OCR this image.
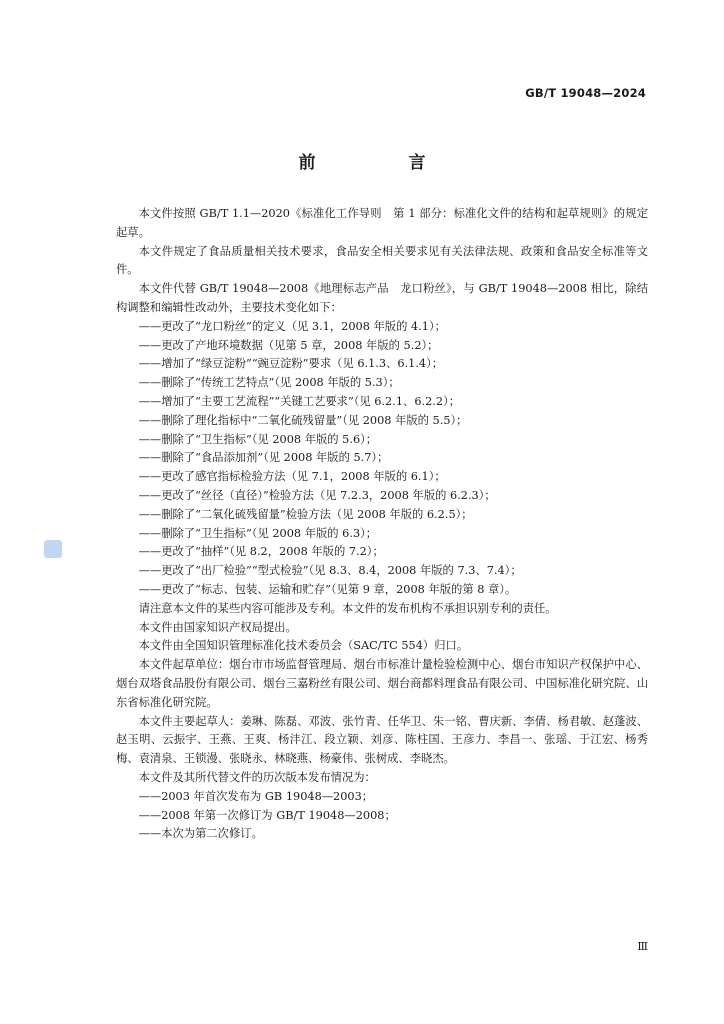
GB/T 19048—2024
前　言

本文件按照 GB/T 1.1—2020《标准化工作导则　第 1 部分：标准化文件的结构和起草规则》的规定起草。

本文件规定了食品质量相关技术要求，食品安全相关要求见有关法律法规、政策和食品安全标准等文件。

本文件代替 GB/T 19048—2008《地理标志产品　龙口粉丝》，与 GB/T 19048—2008 相比，除结构调整和编辑性改动外，主要技术变化如下：

——更改了“龙口粉丝”的定义（见 3.1，2008 年版的 4.1）；

——更改了产地环境数据（见第 5 章，2008 年版的 5.2）；

——增加了“绿豆淀粉”“豌豆淀粉”要求（见 6.1.3、6.1.4）；

——删除了“传统工艺特点”（见 2008 年版的 5.3）；

——增加了“主要工艺流程”“关键工艺要求”（见 6.2.1、6.2.2）；

——删除了理化指标中“二氧化硫残留量”（见 2008 年版的 5.5）；

——删除了“卫生指标”（见 2008 年版的 5.6）；

——删除了“食品添加剂”（见 2008 年版的 5.7）；

——更改了感官指标检验方法（见 7.1，2008 年版的 6.1）；

——更改了“丝径（直径）”检验方法（见 7.2.3，2008 年版的 6.2.3）；

——删除了“二氧化硫残留量”检验方法（见 2008 年版的 6.2.5）；

——删除了“卫生指标”（见 2008 年版的 6.3）；

——更改了“抽样”（见 8.2，2008 年版的 7.2）；

——更改了“出厂检验”“型式检验”（见 8.3、8.4，2008 年版的 7.3、7.4）；

——更改了“标志、包装、运输和贮存”（见第 9 章，2008 年版的第 8 章）。

请注意本文件的某些内容可能涉及专利。本文件的发布机构不承担识别专利的责任。

本文件由国家知识产权局提出。

本文件由全国知识管理标准化技术委员会（SAC/TC 554）归口。

本文件起草单位：烟台市市场监督管理局、烟台市标准计量检验检测中心、烟台市知识产权保护中心、烟台双塔食品股份有限公司、烟台三嘉粉丝有限公司、烟台商都料理食品有限公司、中国标准化研究院、山东省标准化研究院。

本文件主要起草人：姜琳、陈磊、邓波、张竹青、任华卫、朱一铭、曹庆新、李倩、杨君敏、赵蓬波、赵玉明、云振宇、王燕、王爽、杨沣江、段立颖、刘彦、陈柱国、王彦力、李昌一、张瑶、于江宏、杨秀梅、袁清泉、王锁漫、张晓永、林晓燕、杨豪伟、张树成、李晓杰。

本文件及其所代替文件的历次版本发布情况为：

——2003 年首次发布为 GB 19048—2003；

——2008 年第一次修订为 GB/T 19048—2008；

——本次为第二次修订。

Ⅲ
